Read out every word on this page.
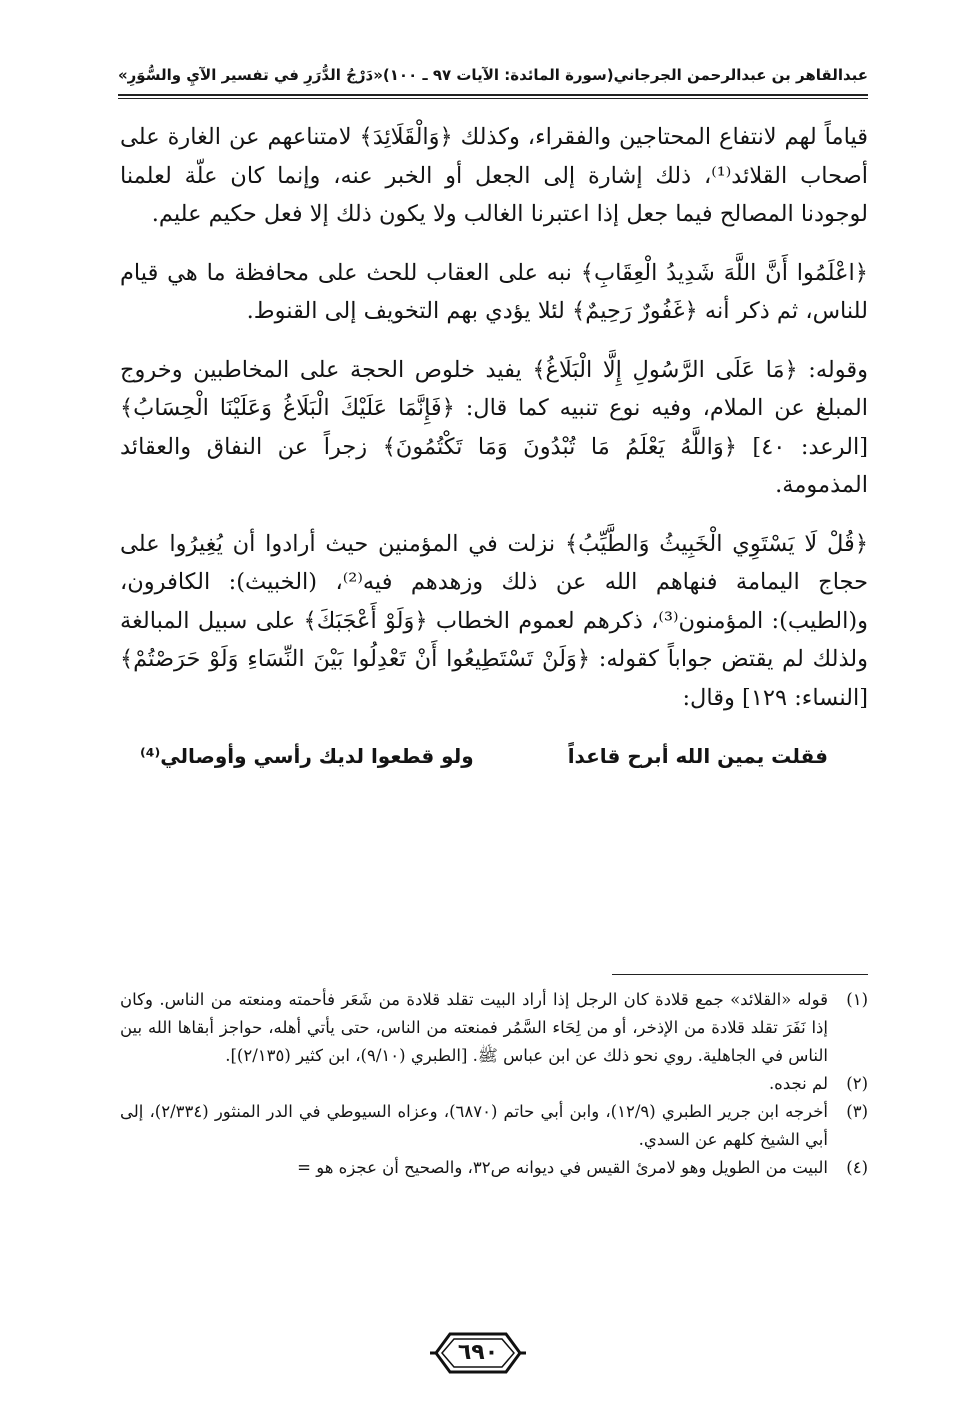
عبدالقاهر بن عبدالرحمن الجرجاني
(سورة المائدة: الآيات ٩٧ ـ ١٠٠)
«دَرْجُ الدُّرَرِ في تفسير الآيِ والسُّوَرِ»

قياماً لهم لانتفاع المحتاجين والفقراء، وكذلك ﴿وَالْقَلَائِدَ﴾ لامتناعهم عن الغارة على أصحاب القلائد⁽¹⁾، ذلك إشارة إلى الجعل أو الخبر عنه، وإنما كان علّة لعلمنا لوجودنا المصالح فيما جعل إذا اعتبرنا الغالب ولا يكون ذلك إلا فعل حكيم عليم.

﴿اعْلَمُوا أَنَّ اللَّهَ شَدِيدُ الْعِقَابِ﴾ نبه على العقاب للحث على محافظة ما هي قيام للناس، ثم ذكر أنه ﴿غَفُورٌ رَحِيمٌ﴾ لئلا يؤدي بهم التخويف إلى القنوط.

وقوله: ﴿مَا عَلَى الرَّسُولِ إِلَّا الْبَلَاغُ﴾ يفيد خلوص الحجة على المخاطبين وخروج المبلغ عن الملام، وفيه نوع تنبيه كما قال: ﴿فَإِنَّمَا عَلَيْكَ الْبَلَاغُ وَعَلَيْنَا الْحِسَابُ﴾ [الرعد: ٤٠] ﴿وَاللَّهُ يَعْلَمُ مَا تُبْدُونَ وَمَا تَكْتُمُونَ﴾ زجراً عن النفاق والعقائد المذمومة.

﴿قُلْ لَا يَسْتَوِي الْخَبِيثُ وَالطَّيِّبُ﴾ نزلت في المؤمنين حيث أرادوا أن يُغِيرُوا على حجاج اليمامة فنهاهم الله عن ذلك وزهدهم فيه⁽²⁾، (الخبيث): الكافرون، و(الطيب): المؤمنون⁽³⁾، ذكرهم لعموم الخطاب ﴿وَلَوْ أَعْجَبَكَ﴾ على سبيل المبالغة ولذلك لم يقتض جواباً كقوله: ﴿وَلَنْ تَسْتَطِيعُوا أَنْ تَعْدِلُوا بَيْنَ النِّسَاءِ وَلَوْ حَرَصْتُمْ﴾ [النساء: ١٢٩] وقال:

فقلت يمين الله أبرح قاعداً
ولو قطعوا لديك رأسي وأوصالي⁽⁴⁾
(١)
قوله «القلائد» جمع قلادة كان الرجل إذا أراد البيت تقلد قلادة من شَعَر فأحمته ومنعته من الناس. وكان إذا نَفَرَ تقلد قلادة من الإذخر، أو من لِحَاء السَّمُر فمنعته من الناس، حتى يأتي أهله، حواجز أبقاها الله بين الناس في الجاهلية. روي نحو ذلك عن ابن عباس ﷺ. [الطبري (٩/١٠)، ابن كثير (٢/١٣٥)].
(٢)
لم نجده.
(٣)
أخرجه ابن جرير الطبري (١٢/٩)، وابن أبي حاتم (٦٨٧٠)، وعزاه السيوطي في الدر المنثور (٢/٣٣٤)، إلى أبي الشيخ كلهم عن السدي.
(٤)
البيت من الطويل وهو لامرئ القيس في ديوانه ص٣٢، والصحيح أن عجزه هو =
٦٩٠
